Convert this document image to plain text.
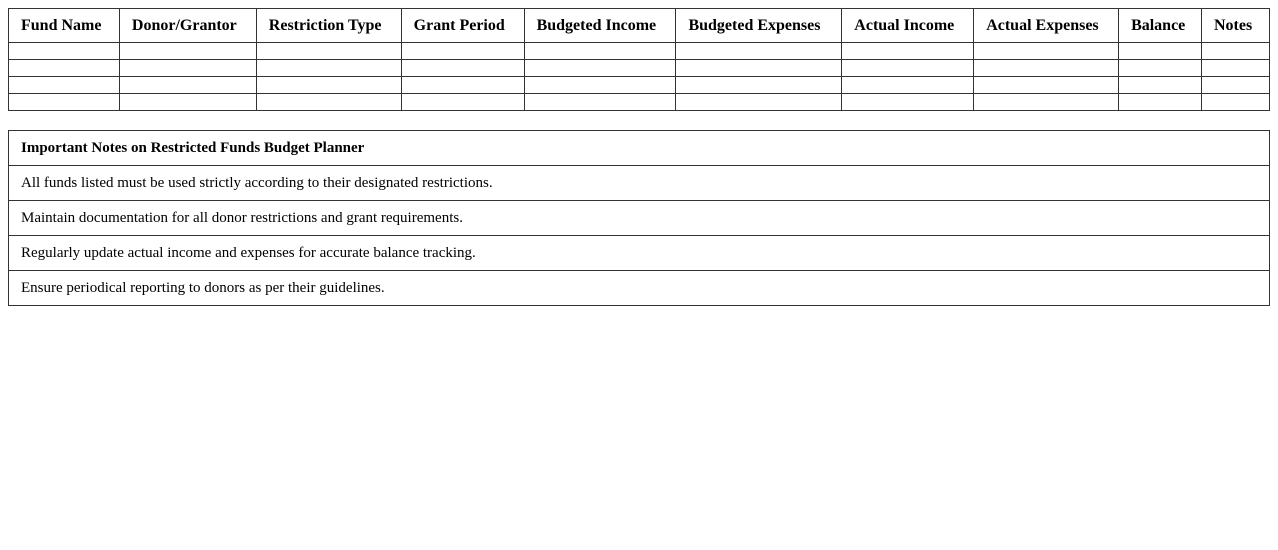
Fund Name	Donor/Grantor	Restriction Type	Grant Period	Budgeted Income	Budgeted Expenses	Actual Income	Actual Expenses	Balance	Notes

Important Notes on Restricted Funds Budget Planner
All funds listed must be used strictly according to their designated restrictions.
Maintain documentation for all donor restrictions and grant requirements.
Regularly update actual income and expenses for accurate balance tracking.
Ensure periodical reporting to donors as per their guidelines.
